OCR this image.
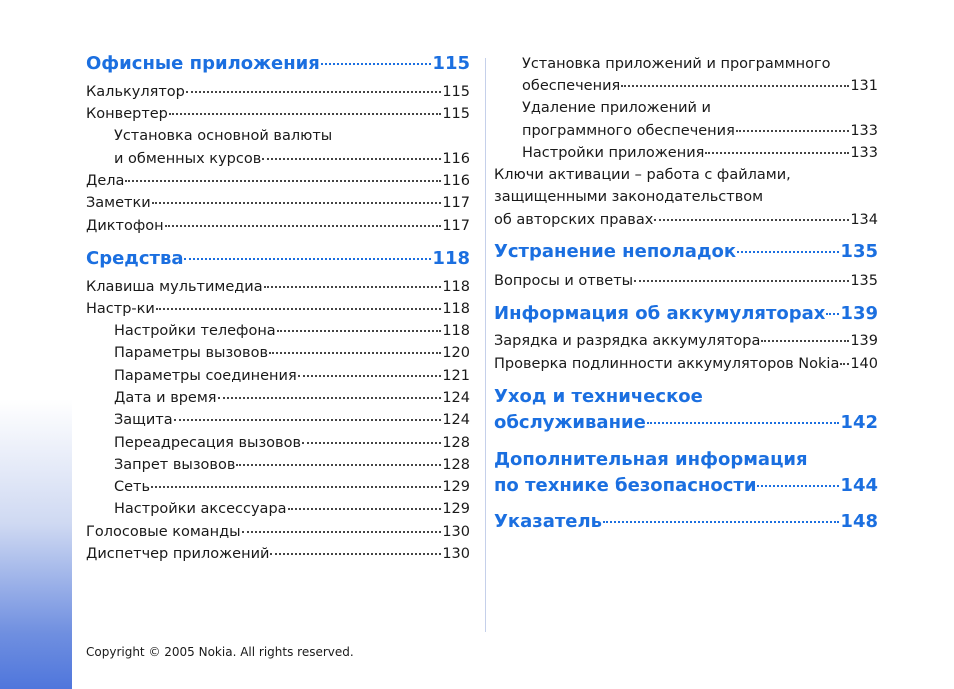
Офисные приложения	115
Калькулятор	115
Конвертер	115
Установка основной валюты
и обменных курсов	116
Дела	116
Заметки	117
Диктофон	117
Средства	118
Клавиша мультимедиа	118
Настр-ки	118
Настройки телефона	118
Параметры вызовов	120
Параметры соединения	121
Дата и время	124
Защита	124
Переадресация вызовов	128
Запрет вызовов	128
Сеть	129
Настройки аксессуара	129
Голосовые команды	130
Диспетчер приложений	130
Установка приложений и программного
обеспечения	131
Удаление приложений и
программного обеспечения	133
Настройки приложения	133
Ключи активации – работа с файлами,
защищенными законодательством
об авторских правах	134
Устранение неполадок	135
Вопросы и ответы	135
Информация об аккумуляторах 139
Зарядка и разрядка аккумулятора	139
Проверка подлинности аккумуляторов Nokia 140
Уход и техническое
обслуживание	142
Дополнительная информация
по технике безопасности	144
Указатель	148
Copyright © 2005 Nokia. All rights reserved.
